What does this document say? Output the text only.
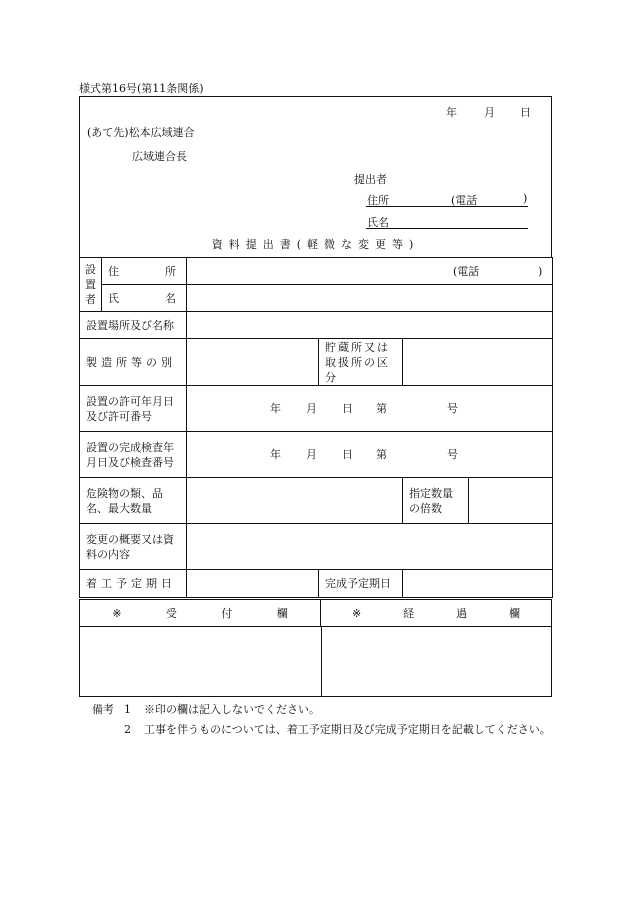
様式第16号(第11条関係)
年 月 日
(あて先)松本広域連合
広域連合長
提出者
住所	(電話	)
氏名
資料提出書(軽微な変更等)
設
置
者	住 所	(電話 )			

	氏 名				

設置場所及び名称					
製造所等の別			貯蔵所又は取扱所の区分		
設置の許可年月日及び許可番号		年 月 日 第 号			

設置の完成検査年月日及び検査番号		年 月 日 第 号			

危険物の類、品名、最大数量				指定数量の倍数	
変更の概要又は資料の内容					
着工予定期日			完成予定期日		
※	受	付	欄	※	経	過	欄
備考 1	※印の欄は記入しないでください。
2	工事を伴うものについては、着工予定期日及び完成予定期日を記載してください。
